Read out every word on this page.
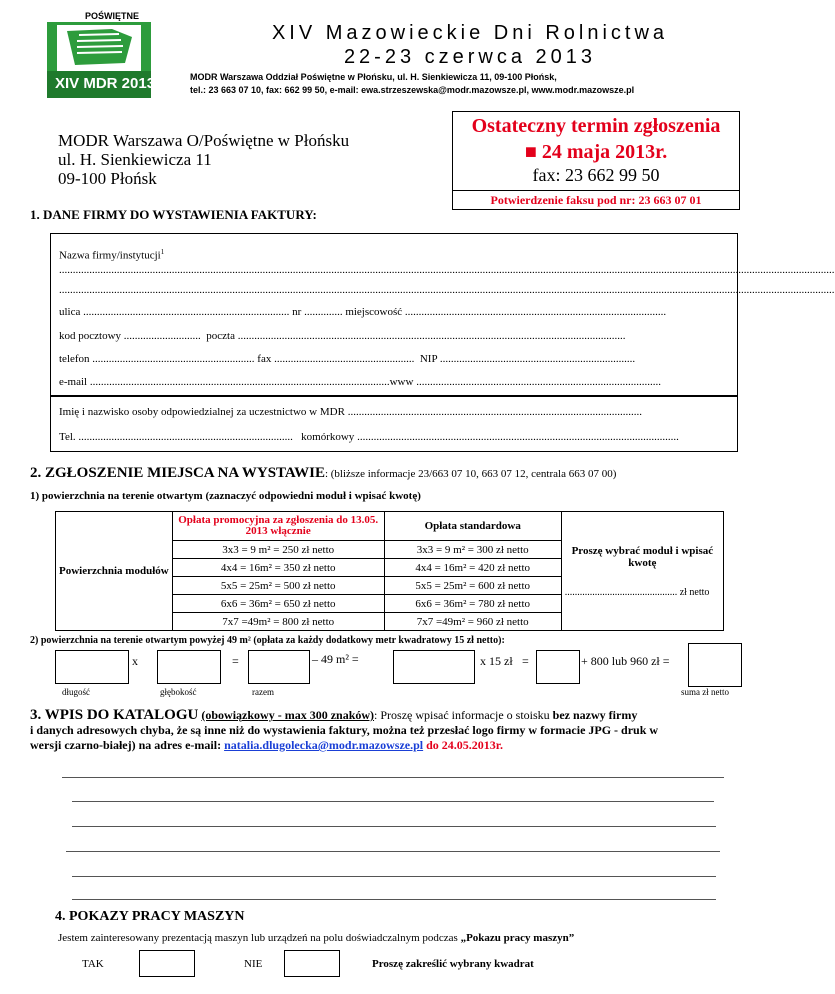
POŚWIĘTNE
XIV MDR 2013
XIV Mazowieckie Dni Rolnictwa
22-23 czerwca 2013
MODR Warszawa Oddział Poświętne w Płońsku, ul. H. Sienkiewicza 11, 09-100 Płońsk,
tel.: 23 663 07 10, fax: 662 99 50, e-mail: ewa.strzeszewska@modr.mazowsze.pl, www.modr.mazowsze.pl
MODR Warszawa O/Poświętne w Płońsku
ul. H. Sienkiewicza 11
09-100 Płońsk
Ostateczny termin zgłoszenia
■ 24 maja 2013r.
fax: 23 662 99 50
Potwierdzenie faksu pod nr: 23 663 07 01
1. DANE FIRMY DO WYSTAWIENIA FAKTURY:
Nazwa firmy/instytucji$^1$
..........................................................................................................................................................................................................................................................................................
..........................................................................................................................................................................................................................................................................................
ulica ........................................................................... nr .............. miejscowość ...............................................................................................
kod pocztowy ............................ poczta .............................................................................................................................................
telefon ........................................................... fax ................................................... NIP .......................................................................
e-mail .............................................................................................................www .........................................................................................
Imię i nazwisko osoby odpowiedzialnej za uczestnictwo w MDR ...........................................................................................................
Tel. .............................................................................. komórkowy .....................................................................................................................
2. ZGŁOSZENIE MIEJSCA NA WYSTAWIE: (bliższe informacje 23/663 07 10, 663 07 12, centrala 663 07 00)
1) powierzchnia na terenie otwartym (zaznaczyć odpowiedni moduł i wpisać kwotę)
Powierzchnia modułów	Opłata promocyjna za zgłoszenia do 13.05. 2013 włącznie	Opłata standardowa	Proszę wybrać moduł i wpisać kwotę
............................................. zł netto

	3x3 = 9 m² = 250 zł netto	3x3 = 9 m² = 300 zł netto	
	4x4 = 16m² = 350 zł netto	4x4 = 16m² = 420 zł netto	
	5x5 = 25m² = 500 zł netto	5x5 = 25m² = 600 zł netto	
	6x6 = 36m² = 650 zł netto	6x6 = 36m² = 780 zł netto	
	7x7 =49m² = 800 zł netto	7x7 =49m² = 960 zł netto	
2) powierzchnia na terenie otwartym powyżej 49 m² (opłata za każdy dodatkowy metr kwadratowy 15 zł netto):
x	=	– 49 m² =	x 15 zł =	+ 800 lub 960 zł =
długość	głębokość	razem	suma zł netto
3. WPIS DO KATALOGU (obowiązkowy - max 300 znaków): Proszę wpisać informacje o stoisku bez nazwy firmy
i danych adresowych chyba, że są inne niż do wystawienia faktury, można też przesłać logo firmy w formacie JPG - druk w
wersji czarno-białej) na adres e-mail: natalia.dlugolecka@modr.mazowsze.pl do 24.05.2013r.
4. POKAZY PRACY MASZYN
Jestem zainteresowany prezentacją maszyn lub urządzeń na polu doświadczalnym podczas „Pokazu pracy maszyn”
TAK	NIE	Proszę zakreślić wybrany kwadrat
